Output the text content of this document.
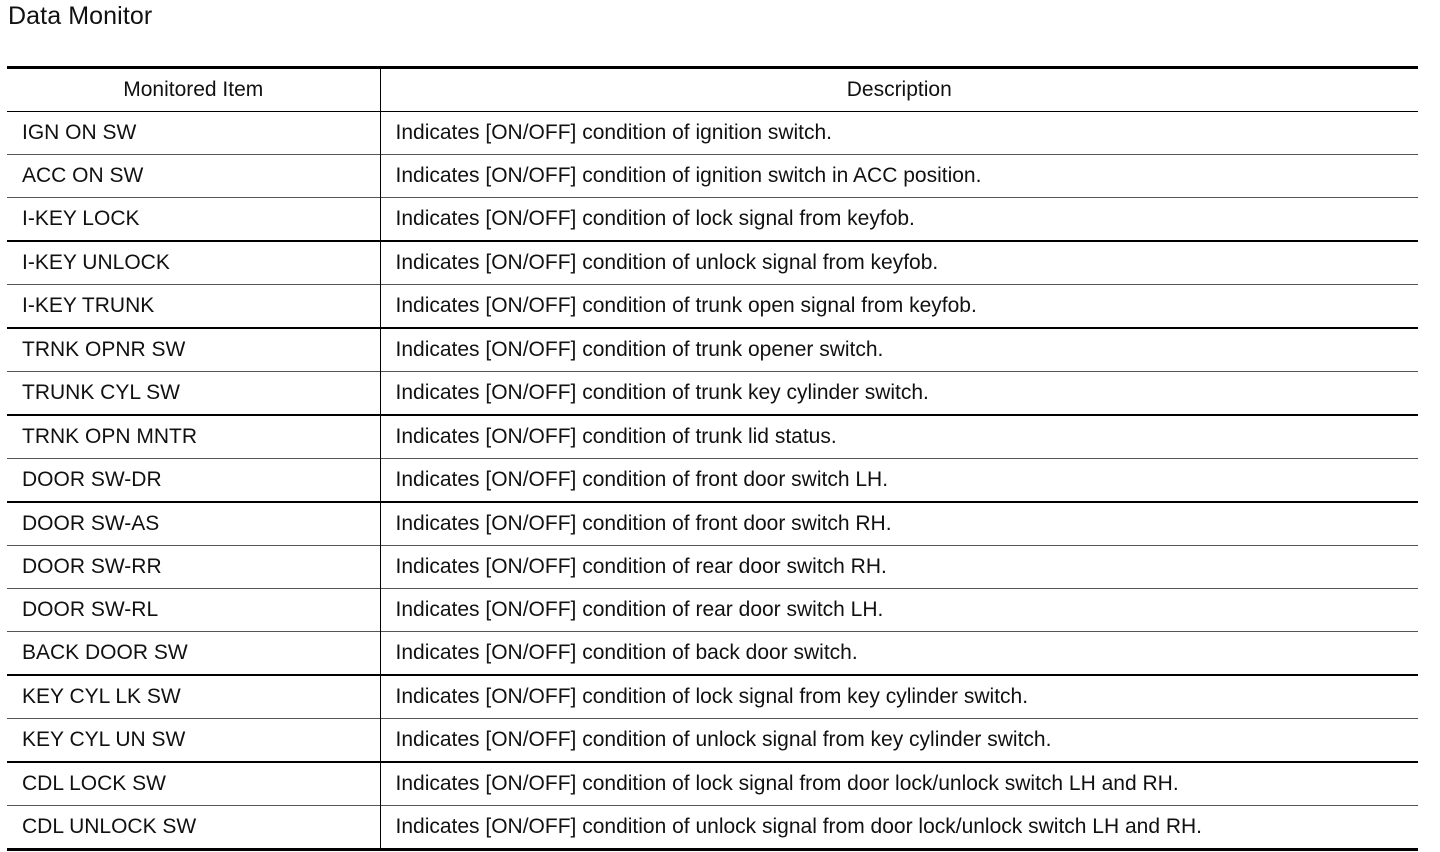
Data Monitor
Monitored Item	Description
IGN ON SW	Indicates [ON/OFF] condition of ignition switch.
ACC ON SW	Indicates [ON/OFF] condition of ignition switch in ACC position.
I-KEY LOCK	Indicates [ON/OFF] condition of lock signal from keyfob.
I-KEY UNLOCK	Indicates [ON/OFF] condition of unlock signal from keyfob.
I-KEY TRUNK	Indicates [ON/OFF] condition of trunk open signal from keyfob.
TRNK OPNR SW	Indicates [ON/OFF] condition of trunk opener switch.
TRUNK CYL SW	Indicates [ON/OFF] condition of trunk key cylinder switch.
TRNK OPN MNTR	Indicates [ON/OFF] condition of trunk lid status.
DOOR SW-DR	Indicates [ON/OFF] condition of front door switch LH.
DOOR SW-AS	Indicates [ON/OFF] condition of front door switch RH.
DOOR SW-RR	Indicates [ON/OFF] condition of rear door switch RH.
DOOR SW-RL	Indicates [ON/OFF] condition of rear door switch LH.
BACK DOOR SW	Indicates [ON/OFF] condition of back door switch.
KEY CYL LK SW	Indicates [ON/OFF] condition of lock signal from key cylinder switch.
KEY CYL UN SW	Indicates [ON/OFF] condition of unlock signal from key cylinder switch.
CDL LOCK SW	Indicates [ON/OFF] condition of lock signal from door lock/unlock switch LH and RH.
CDL UNLOCK SW	Indicates [ON/OFF] condition of unlock signal from door lock/unlock switch LH and RH.
